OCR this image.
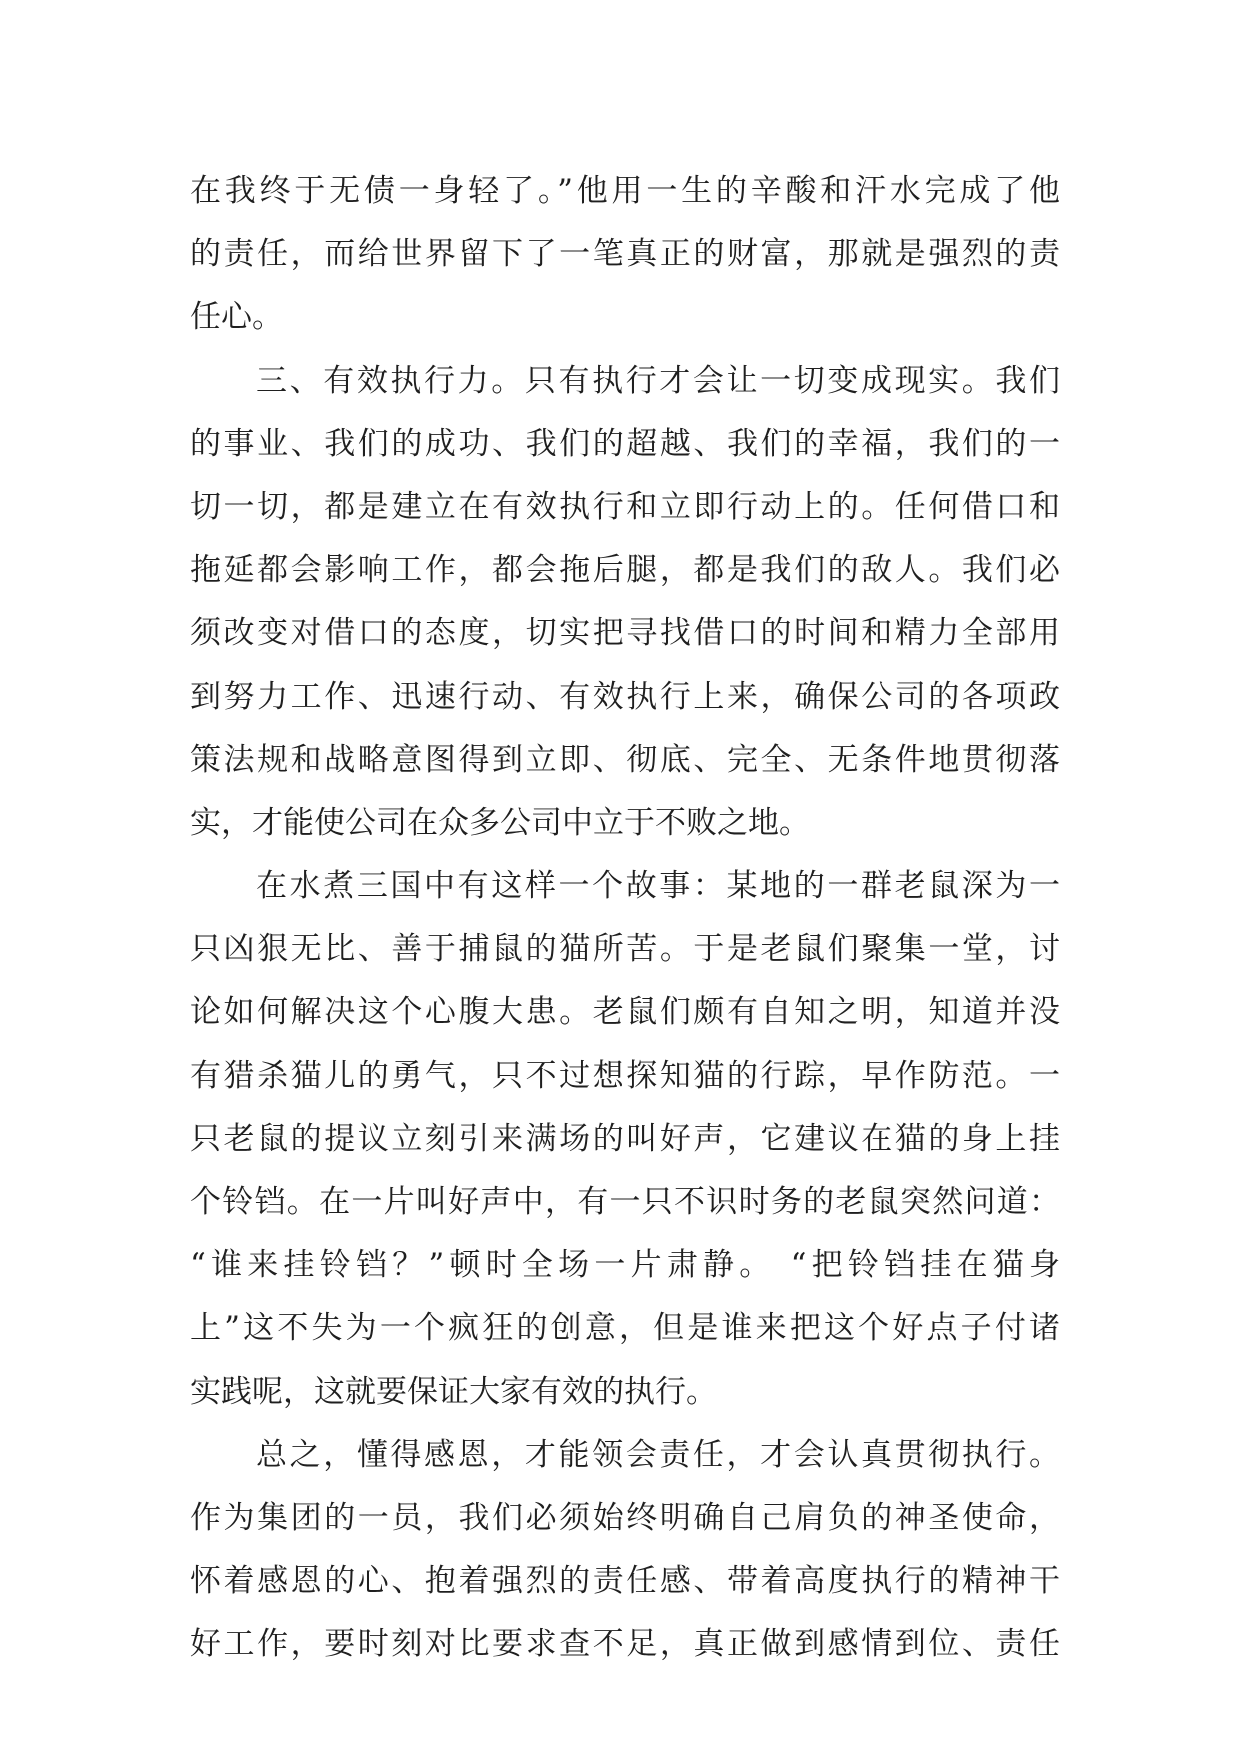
在我终于无债一身轻了。”他用一生的辛酸和汗水完成了他
的责任，而给世界留下了一笔真正的财富，那就是强烈的责
任心。
三、有效执行力。只有执行才会让一切变成现实。我们
的事业、我们的成功、我们的超越、我们的幸福，我们的一
切一切，都是建立在有效执行和立即行动上的。任何借口和
拖延都会影响工作，都会拖后腿，都是我们的敌人。我们必
须改变对借口的态度，切实把寻找借口的时间和精力全部用
到努力工作、迅速行动、有效执行上来，确保公司的各项政
策法规和战略意图得到立即、彻底、完全、无条件地贯彻落
实，才能使公司在众多公司中立于不败之地。
在水煮三国中有这样一个故事：某地的一群老鼠深为一
只凶狠无比、善于捕鼠的猫所苦。于是老鼠们聚集一堂，讨
论如何解决这个心腹大患。老鼠们颇有自知之明，知道并没
有猎杀猫儿的勇气，只不过想探知猫的行踪，早作防范。一
只老鼠的提议立刻引来满场的叫好声，它建议在猫的身上挂
个铃铛。在一片叫好声中，有一只不识时务的老鼠突然问道：
“谁来挂铃铛？”顿时全场一片肃静。 “把铃铛挂在猫身
上”这不失为一个疯狂的创意，但是谁来把这个好点子付诸
实践呢，这就要保证大家有效的执行。
总之，懂得感恩，才能领会责任，才会认真贯彻执行。
作为集团的一员，我们必须始终明确自己肩负的神圣使命，
怀着感恩的心、抱着强烈的责任感、带着高度执行的精神干
好工作，要时刻对比要求查不足，真正做到感情到位、责任
